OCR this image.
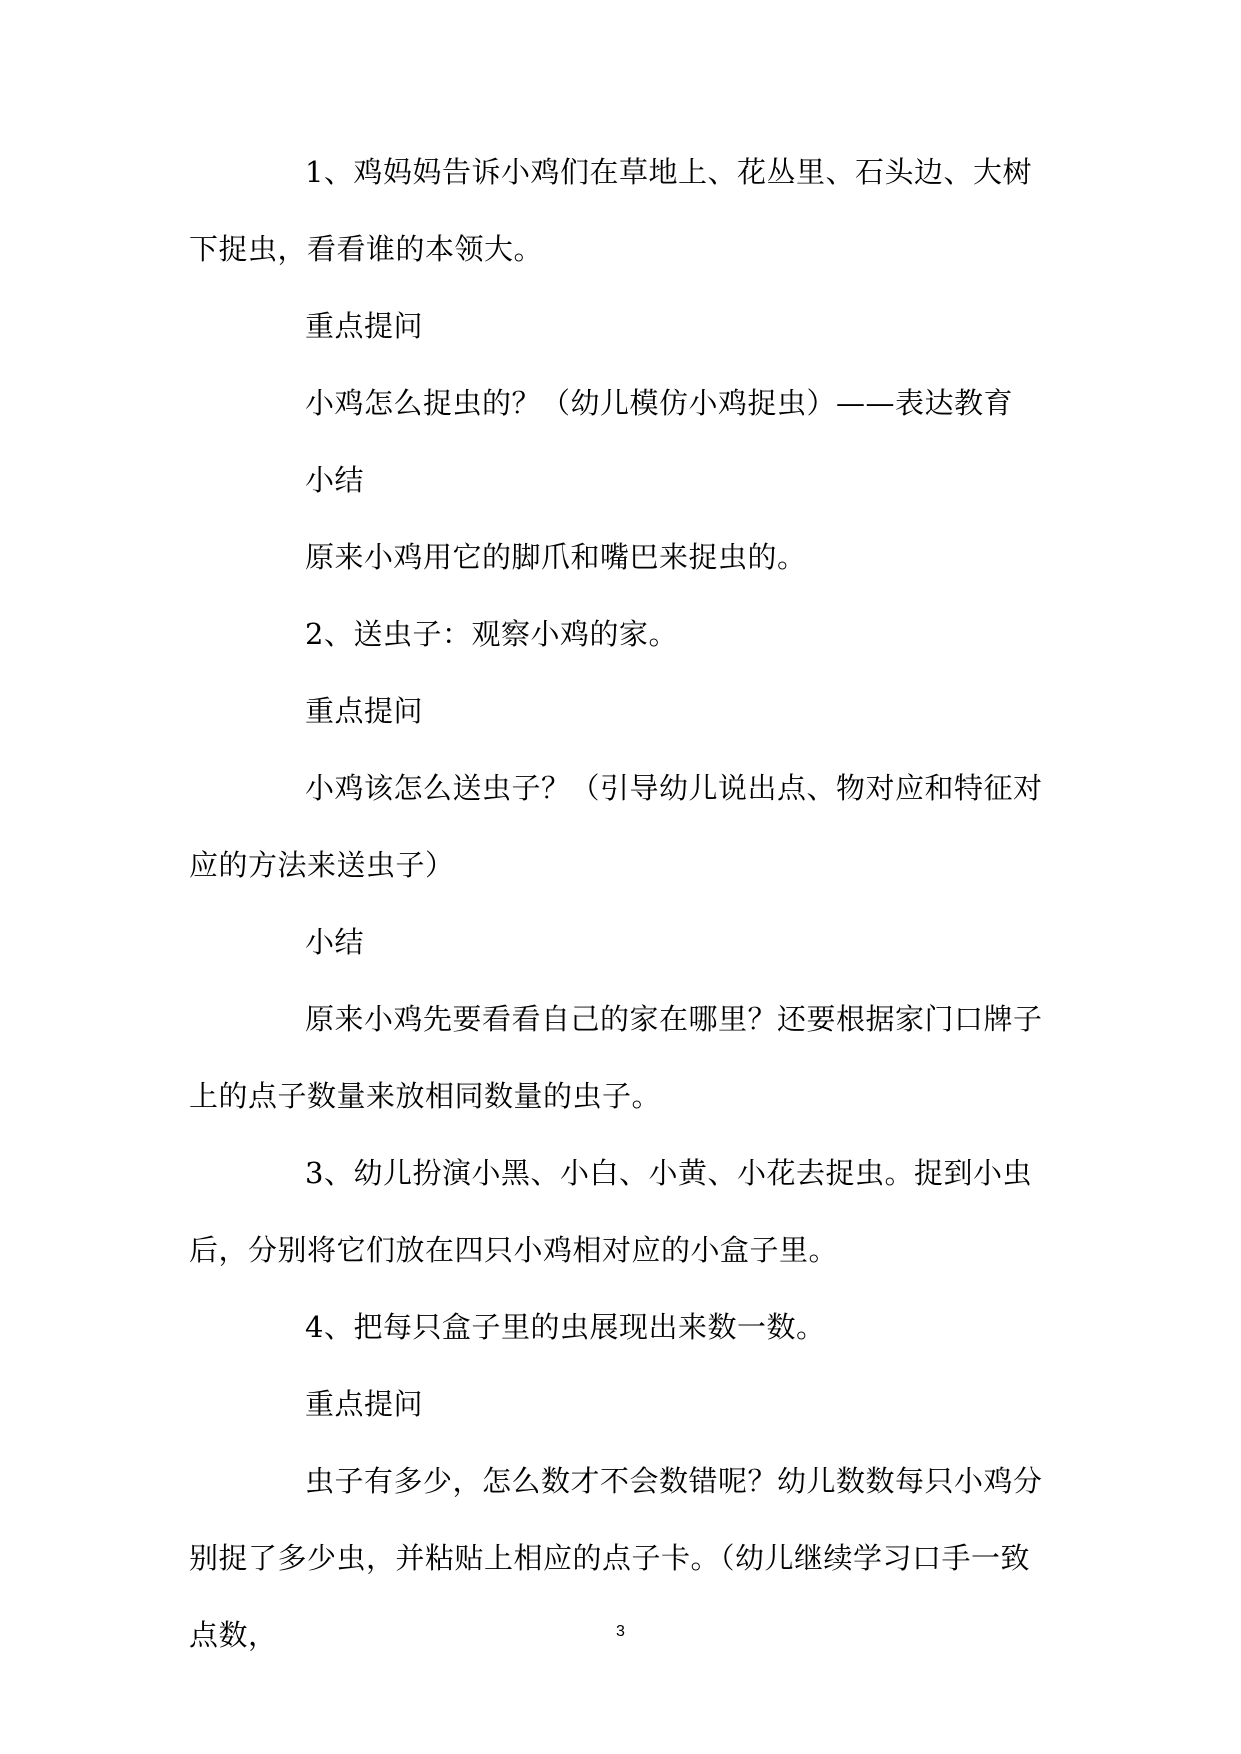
1、鸡妈妈告诉小鸡们在草地上、花丛里、石头边、大树下捉虫，看看谁的本领大。

重点提问

小鸡怎么捉虫的？（幼儿模仿小鸡捉虫）——表达教育

小结

原来小鸡用它的脚爪和嘴巴来捉虫的。

2、送虫子：观察小鸡的家。

重点提问

小鸡该怎么送虫子？（引导幼儿说出点、物对应和特征对应的方法来送虫子）

小结

原来小鸡先要看看自己的家在哪里？还要根据家门口牌子上的点子数量来放相同数量的虫子。

3、幼儿扮演小黑、小白、小黄、小花去捉虫。捉到小虫后，分别将它们放在四只小鸡相对应的小盒子里。

4、把每只盒子里的虫展现出来数一数。

重点提问

虫子有多少，怎么数才不会数错呢？幼儿数数每只小鸡分别捉了多少虫，并粘贴上相应的点子卡。（幼儿继续学习口手一致点数，	3
